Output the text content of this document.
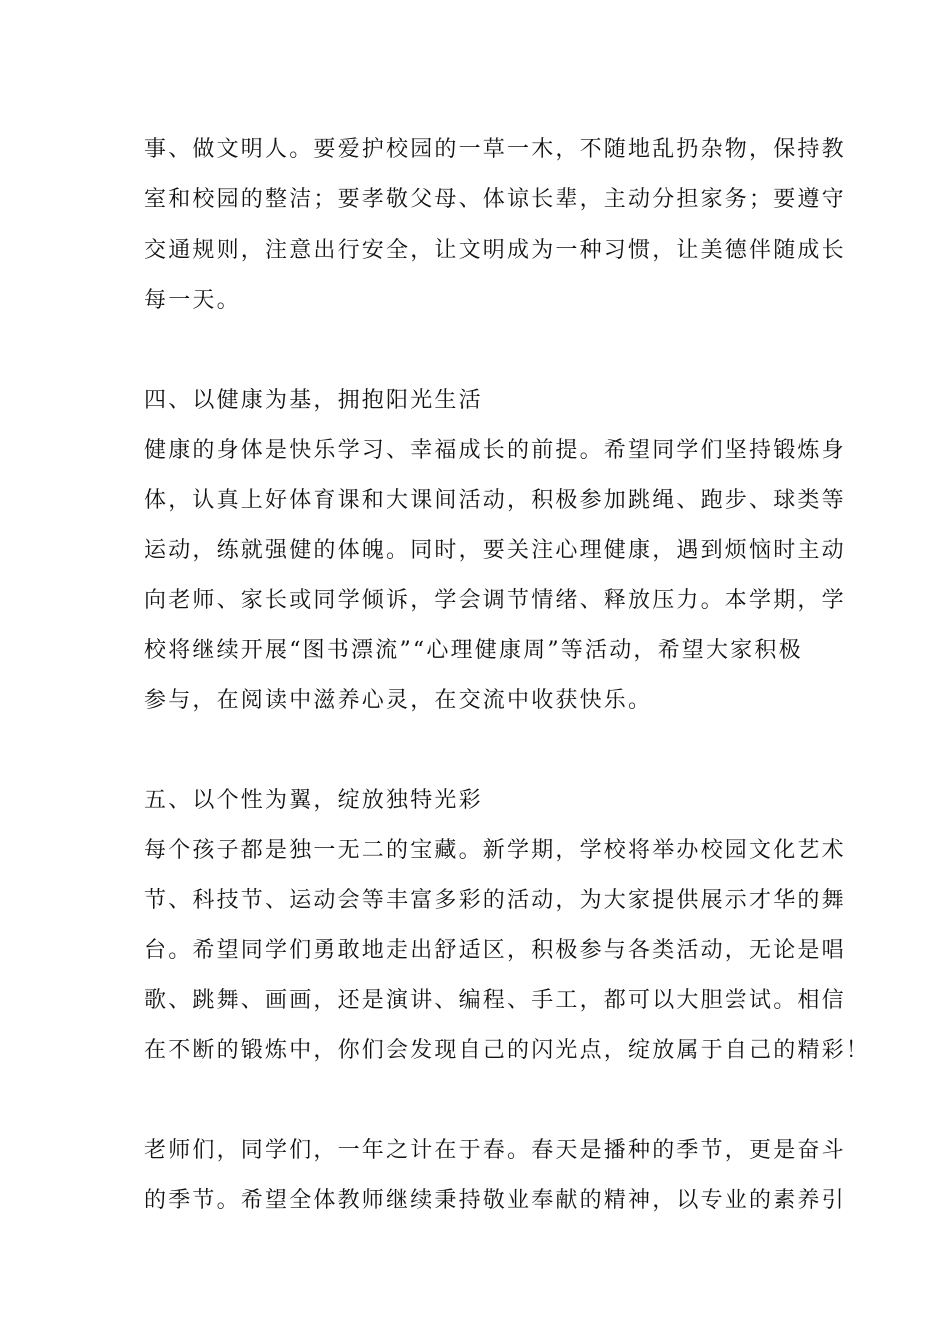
事、做文明人。要爱护校园的一草一木，不随地乱扔杂物，保持教
室和校园的整洁；要孝敬父母、体谅长辈，主动分担家务；要遵守
交通规则，注意出行安全，让文明成为一种习惯，让美德伴随成长
每一天。
四、以健康为基，拥抱阳光生活
健康的身体是快乐学习、幸福成长的前提。希望同学们坚持锻炼身
体，认真上好体育课和大课间活动，积极参加跳绳、跑步、球类等
运动，练就强健的体魄。同时，要关注心理健康，遇到烦恼时主动
向老师、家长或同学倾诉，学会调节情绪、释放压力。本学期，学
校将继续开展“图书漂流”“心理健康周”等活动，希望大家积极
参与，在阅读中滋养心灵，在交流中收获快乐。
五、以个性为翼，绽放独特光彩
每个孩子都是独一无二的宝藏。新学期，学校将举办校园文化艺术
节、科技节、运动会等丰富多彩的活动，为大家提供展示才华的舞
台。希望同学们勇敢地走出舒适区，积极参与各类活动，无论是唱
歌、跳舞、画画，还是演讲、编程、手工，都可以大胆尝试。相信
在不断的锻炼中，你们会发现自己的闪光点，绽放属于自己的精彩！
老师们，同学们，一年之计在于春。春天是播种的季节，更是奋斗
的季节。希望全体教师继续秉持敬业奉献的精神，以专业的素养引
